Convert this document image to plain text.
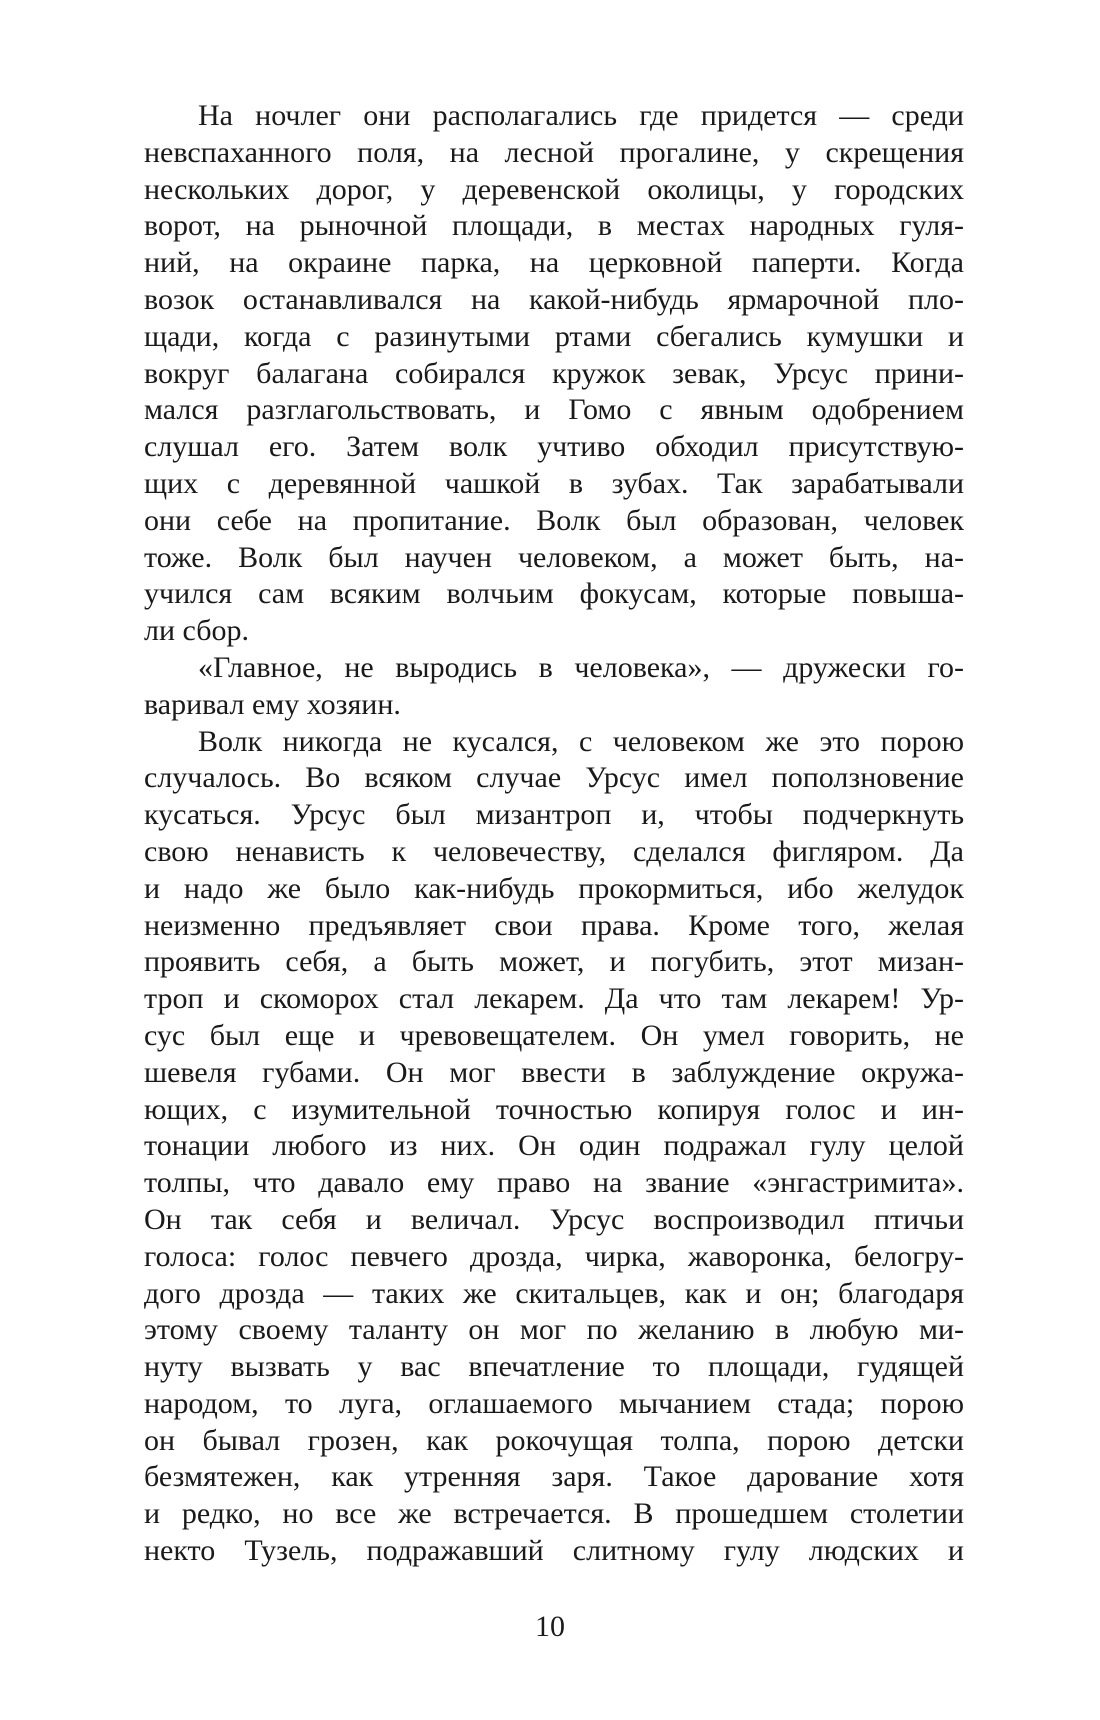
На ночлег они располагались где придется — среди
невспаханного поля, на лесной прогалине, у скрещения
нескольких дорог, у деревенской околицы, у городских
ворот, на рыночной площади, в местах народных гуля-
ний, на окраине парка, на церковной паперти. Когда
возок останавливался на какой-нибудь ярмарочной пло-
щади, когда с разинутыми ртами сбегались кумушки и
вокруг балагана собирался кружок зевак, Урсус прини-
мался разглагольствовать, и Гомо с явным одобрением
слушал его. Затем волк учтиво обходил присутствую-
щих с деревянной чашкой в зубах. Так зарабатывали
они себе на пропитание. Волк был образован, человек
тоже. Волк был научен человеком, а может быть, на-
учился сам всяким волчьим фокусам, которые повыша-
ли сбор.
«Главное, не выродись в человека», — дружески го-
варивал ему хозяин.
Волк никогда не кусался, с человеком же это порою
случалось. Во всяком случае Урсус имел поползновение
кусаться. Урсус был мизантроп и, чтобы подчеркнуть
свою ненависть к человечеству, сделался фигляром. Да
и надо же было как-нибудь прокормиться, ибо желудок
неизменно предъявляет свои права. Кроме того, желая
проявить себя, а быть может, и погубить, этот мизан-
троп и скоморох стал лекарем. Да что там лекарем! Ур-
сус был еще и чревовещателем. Он умел говорить, не
шевеля губами. Он мог ввести в заблуждение окружа-
ющих, с изумительной точностью копируя голос и ин-
тонации любого из них. Он один подражал гулу целой
толпы, что давало ему право на звание «энгастримита».
Он так себя и величал. Урсус воспроизводил птичьи
голоса: голос певчего дрозда, чирка, жаворонка, белогру-
дого дрозда — таких же скитальцев, как и он; благодаря
этому своему таланту он мог по желанию в любую ми-
нуту вызвать у вас впечатление то площади, гудящей
народом, то луга, оглашаемого мычанием стада; порою
он бывал грозен, как рокочущая толпа, порою детски
безмятежен, как утренняя заря. Такое дарование хотя
и редко, но все же встречается. В прошедшем столетии
некто Тузель, подражавший слитному гулу людских и
10
